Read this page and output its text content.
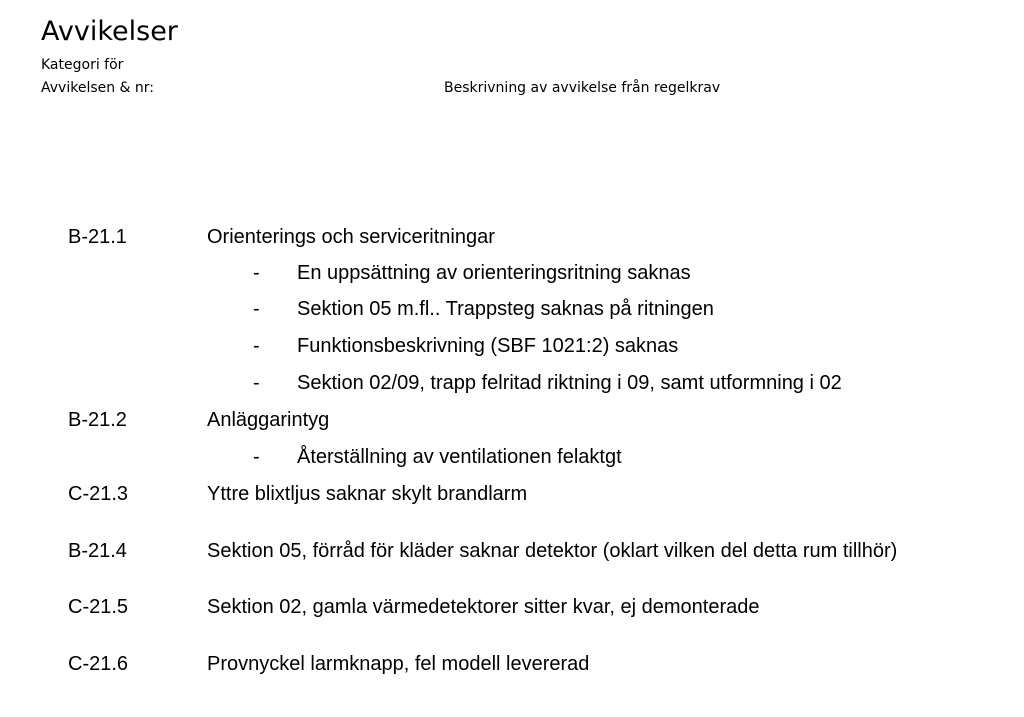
Avvikelser
Kategori för
Avvikelsen & nr:	Beskrivning av avvikelse från regelkrav
B-21.1	Orienterings och serviceritningar
- En uppsättning av orienteringsritning saknas
- Sektion 05 m.fl.. Trappsteg saknas på ritningen
- Funktionsbeskrivning (SBF 1021:2) saknas
- Sektion 02/09, trapp felritad riktning i 09, samt utformning i 02
B-21.2	Anläggarintyg
- Återställning av ventilationen felaktgt
C-21.3	Yttre blixtljus saknar skylt brandlarm
B-21.4	Sektion 05, förråd för kläder saknar detektor (oklart vilken del detta rum tillhör)
C-21.5	Sektion 02, gamla värmedetektorer sitter kvar, ej demonterade
C-21.6	Provnyckel larmknapp, fel modell levererad
